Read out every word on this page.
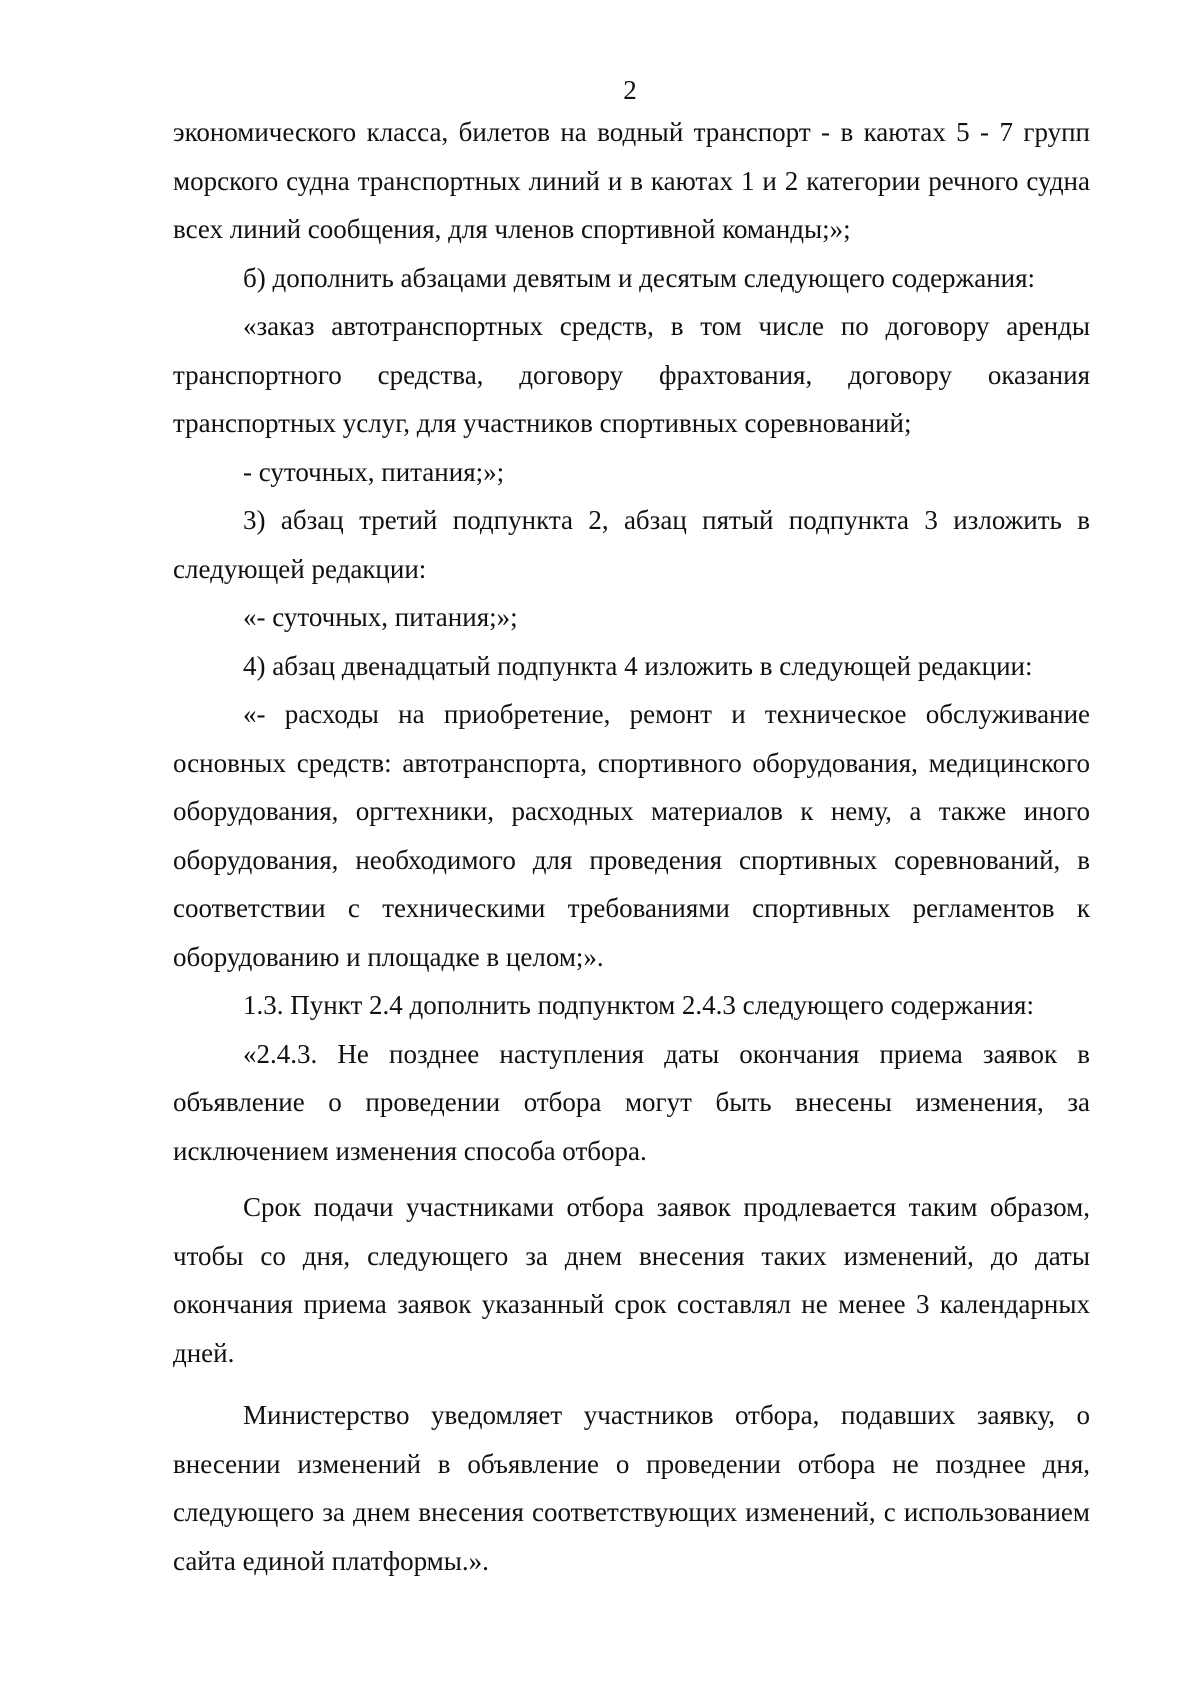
2

экономического класса, билетов на водный транспорт - в каютах 5 - 7 групп морского судна транспортных линий и в каютах 1 и 2 категории речного судна всех линий сообщения, для членов спортивной команды;»;

б) дополнить абзацами девятым и десятым следующего содержания:

«заказ автотранспортных средств, в том числе по договору аренды транспортного средства, договору фрахтования, договору оказания транспортных услуг, для участников спортивных соревнований;

- суточных, питания;»;

3) абзац третий подпункта 2, абзац пятый подпункта 3 изложить в следующей редакции:

«- суточных, питания;»;

4) абзац двенадцатый подпункта 4 изложить в следующей редакции:

«- расходы на приобретение, ремонт и техническое обслуживание основных средств: автотранспорта, спортивного оборудования, медицинского оборудования, оргтехники, расходных материалов к нему, а также иного оборудования, необходимого для проведения спортивных соревнований, в соответствии с техническими требованиями спортивных регламентов к оборудованию и площадке в целом;».

1.3. Пункт 2.4 дополнить подпунктом 2.4.3 следующего содержания:

«2.4.3. Не позднее наступления даты окончания приема заявок в объявление о проведении отбора могут быть внесены изменения, за исключением изменения способа отбора.

Срок подачи участниками отбора заявок продлевается таким образом, чтобы со дня, следующего за днем внесения таких изменений, до даты окончания приема заявок указанный срок составлял не менее 3 календарных дней.

Министерство уведомляет участников отбора, подавших заявку, о внесении изменений в объявление о проведении отбора не позднее дня, следующего за днем внесения соответствующих изменений, с использованием сайта единой платформы.».
